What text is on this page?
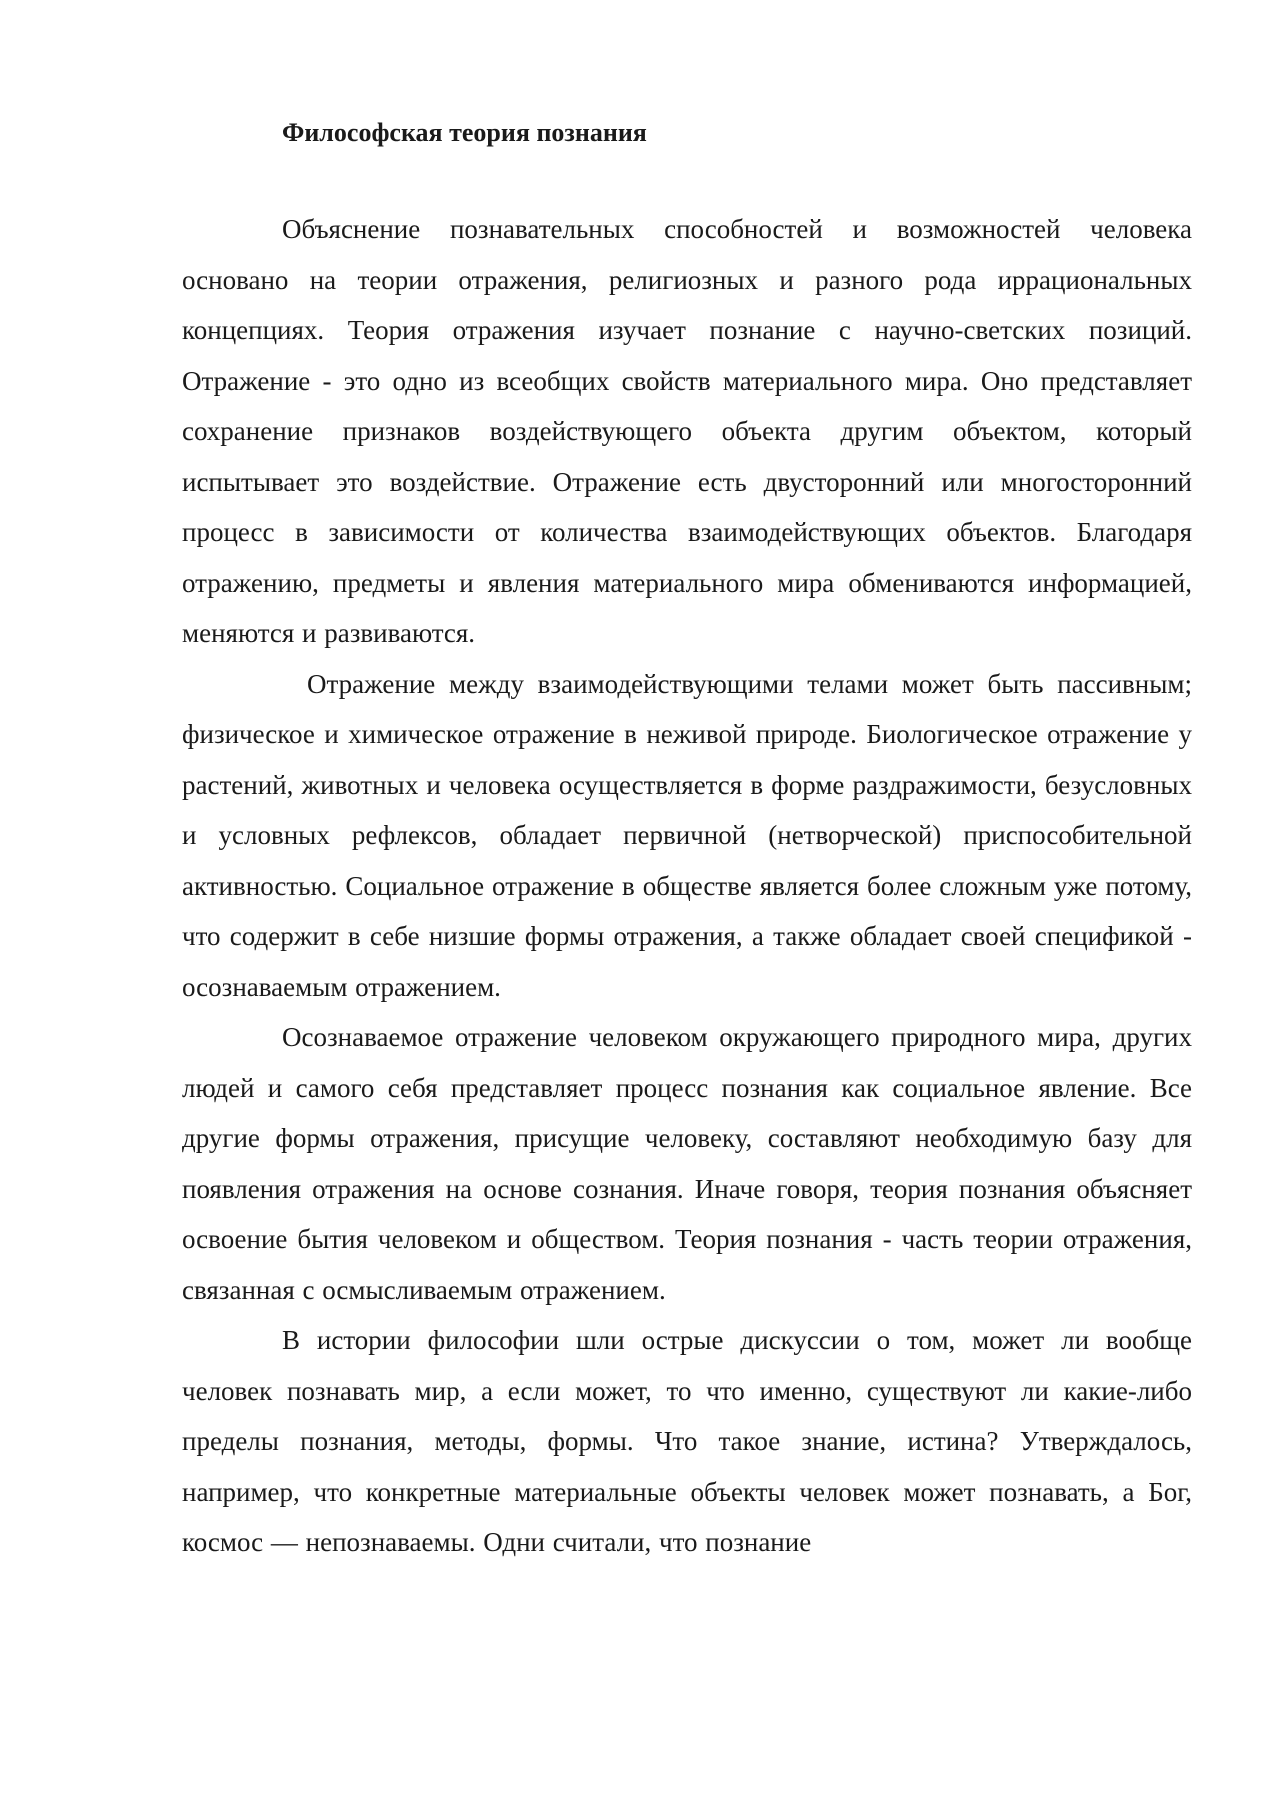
Философская теория познания

Объяснение познавательных способностей и возможностей человека основано на теории отражения, религиозных и разного рода иррациональных концепциях. Теория отражения изучает познание с научно-светских позиций. Отражение - это одно из всеобщих свойств материального мира. Оно представляет сохранение признаков воздействующего объекта другим объектом, который испытывает это воздействие. Отражение есть двусторонний или многосторонний процесс в зависимости от количества взаимодействующих объектов. Благодаря отражению, предметы и явления материального мира обмениваются информацией, меняются и развиваются.

Отражение между взаимодействующими телами может быть пассивным; физическое и химическое отражение в неживой природе. Биологическое отражение у растений, животных и человека осуществляется в форме раздражимости, безусловных и условных рефлексов, обладает первичной (нетворческой) приспособительной активностью. Социальное отражение в обществе является более сложным уже потому, что содержит в себе низшие формы отражения, а также обладает своей спецификой - осознаваемым отражением.

Осознаваемое отражение человеком окружающего природного мира, других людей и самого себя представляет процесс познания как социальное явление. Все другие формы отражения, присущие человеку, составляют необходимую базу для появления отражения на основе сознания. Иначе говоря, теория познания объясняет освоение бытия человеком и обществом. Теория познания - часть теории отражения, связанная с осмысливаемым отражением.

В истории философии шли острые дискуссии о том, может ли вообще человек познавать мир, а если может, то что именно, существуют ли какие-либо пределы познания, методы, формы. Что такое знание, истина? Утверждалось, например, что конкретные материальные объекты человек может познавать, а Бог, космос — непознаваемы. Одни считали, что познание
